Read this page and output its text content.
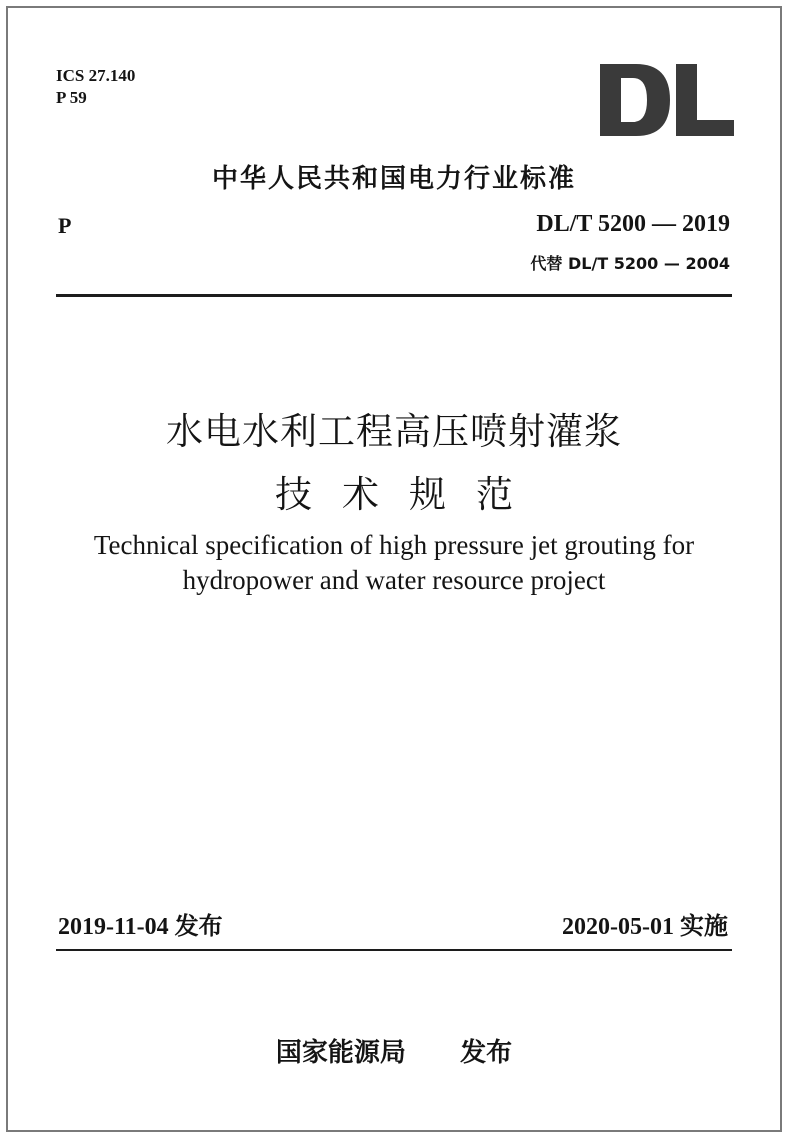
ICS 27.140
P 59
中华人民共和国电力行业标准
P	DL/T 5200 — 2019
代替 DL/T 5200 — 2004
水电水利工程高压喷射灌浆
技术规范
Technical specification of high pressure jet grouting for
hydropower and water resource project
2019-11-04 发布	2020-05-01 实施
国家能源局      发布
